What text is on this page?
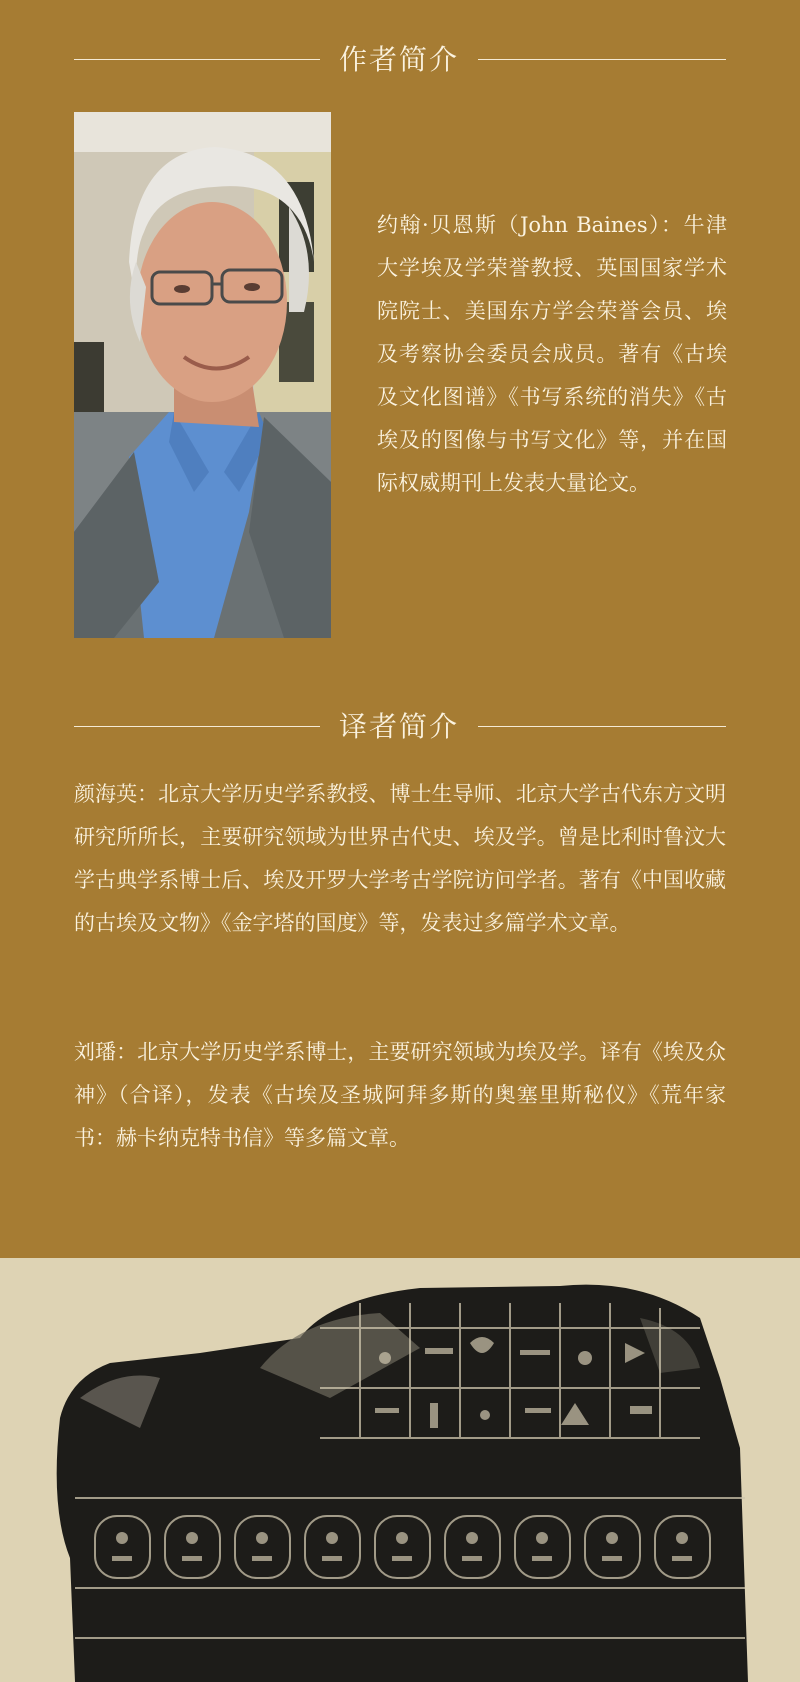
作者简介

约翰·贝恩斯（John Baines）：牛津大学埃及学荣誉教授、英国国家学术院院士、美国东方学会荣誉会员、埃及考察协会委员会成员。著有《古埃及文化图谱》《书写系统的消失》《古埃及的图像与书写文化》等，并在国际权威期刊上发表大量论文。

译者简介

颜海英：北京大学历史学系教授、博士生导师、北京大学古代东方文明研究所所长，主要研究领域为世界古代史、埃及学。曾是比利时鲁汶大学古典学系博士后、埃及开罗大学考古学院访问学者。著有《中国收藏的古埃及文物》《金字塔的国度》等，发表过多篇学术文章。

刘璠：北京大学历史学系博士，主要研究领域为埃及学。译有《埃及众神》（合译），发表《古埃及圣城阿拜多斯的奥塞里斯秘仪》《荒年家书：赫卡纳克特书信》等多篇文章。
